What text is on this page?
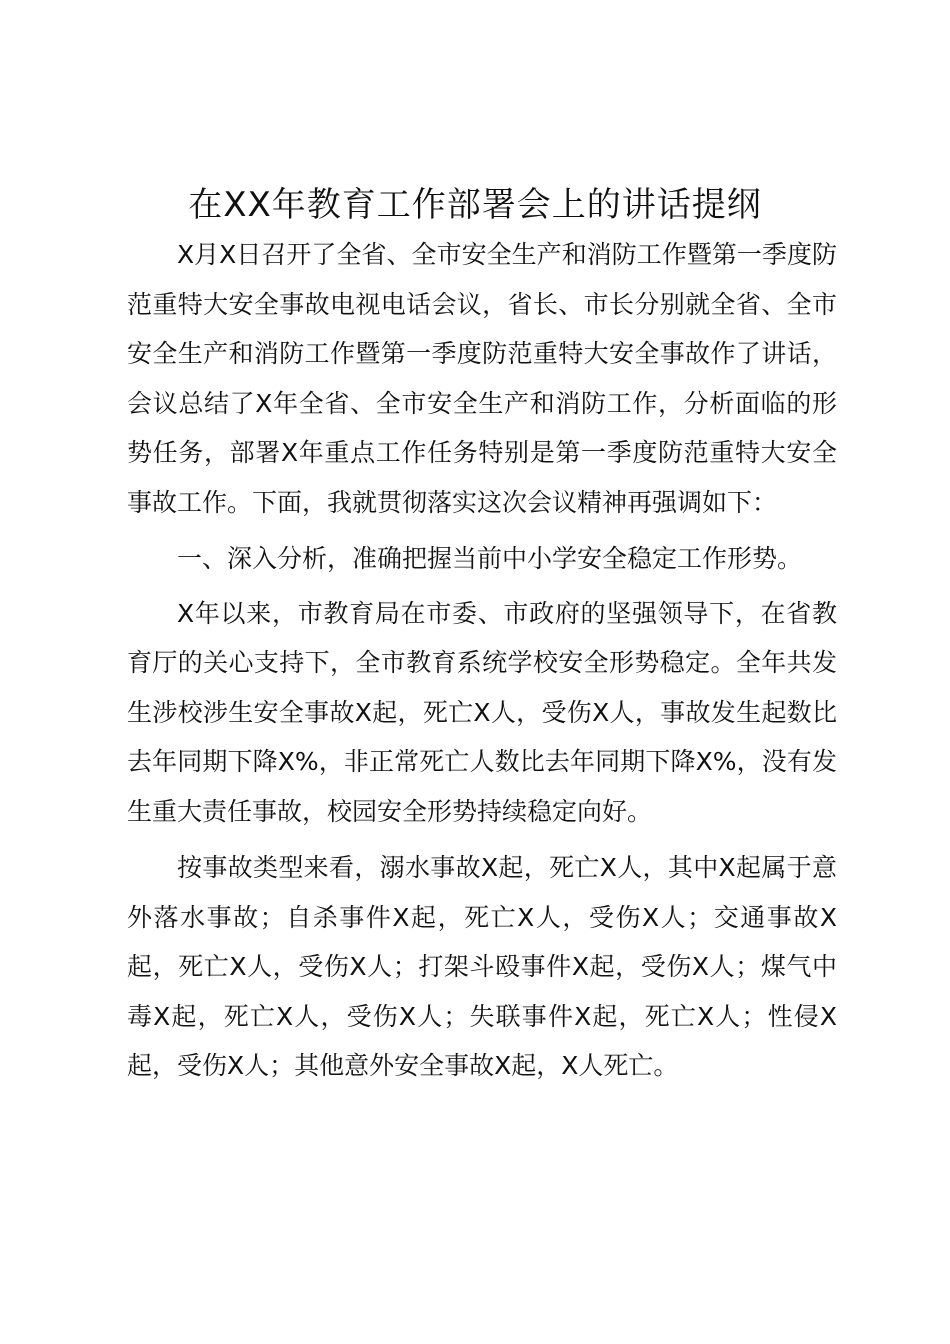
在XX年教育工作部署会上的讲话提纲

X月X日召开了全省、全市安全生产和消防工作暨第一季度防范重特大安全事故电视电话会议，省长、市长分别就全省、全市安全生产和消防工作暨第一季度防范重特大安全事故作了讲话，会议总结了X年全省、全市安全生产和消防工作，分析面临的形势任务，部署X年重点工作任务特别是第一季度防范重特大安全事故工作。下面，我就贯彻落实这次会议精神再强调如下：

一、深入分析，准确把握当前中小学安全稳定工作形势。

X年以来，市教育局在市委、市政府的坚强领导下，在省教育厅的关心支持下，全市教育系统学校安全形势稳定。全年共发生涉校涉生安全事故X起，死亡X人，受伤X人，事故发生起数比去年同期下降X%，非正常死亡人数比去年同期下降X%，没有发生重大责任事故，校园安全形势持续稳定向好。

按事故类型来看，溺水事故X起，死亡X人，其中X起属于意外落水事故；自杀事件X起，死亡X人，受伤X人；交通事故X起，死亡X人，受伤X人；打架斗殴事件X起，受伤X人；煤气中毒X起，死亡X人，受伤X人；失联事件X起，死亡X人；性侵X起，受伤X人；其他意外安全事故X起，X人死亡。
